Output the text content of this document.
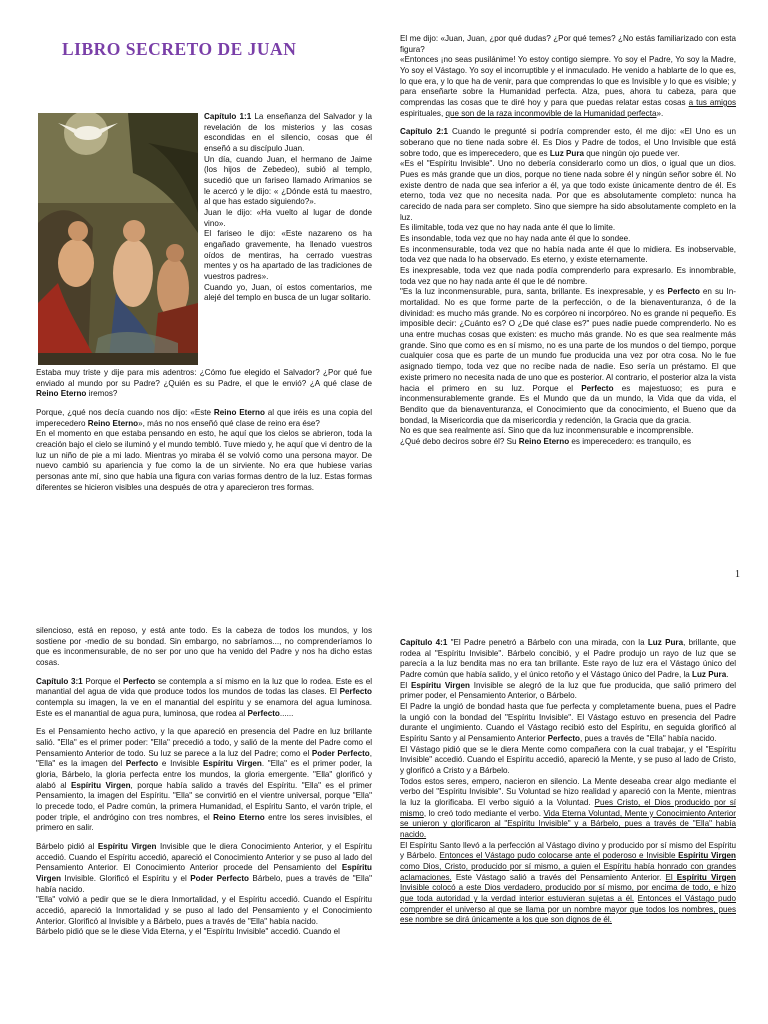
LIBRO SECRETO DE JUAN

Capítulo 1:1 La enseñanza del Salvador y la revelación de los misterios y las cosas escondidas en el silencio, cosas que él enseñó a su discípulo Juan.

Un día, cuando Juan, el hermano de Jaime (los hijos de Zebedeo), subió al templo, sucedió que un fariseo llamado Arimanios se le acercó y le dijo: « ¿Dónde está tu maestro, al que has estado siguiendo?».

Juan le dijo: «Ha vuelto al lugar de donde vino».

El fariseo le dijo: «Este nazareno os ha engañado gravemente, ha llenado vuestros oídos de mentiras, ha cerrado vuestras mentes y os ha apartado de las tradiciones de vuestros padres».

Cuando yo, Juan, oí estos comentarios, me alejé del templo en busca de un lugar solitario.

Estaba muy triste y dije para mis adentros: ¿Cómo fue elegido el Salvador? ¿Por qué fue enviado al mundo por su Padre? ¿Quién es su Padre, el que le envió? ¿A qué clase de Reino Eterno iremos?

Porque, ¿qué nos decía cuando nos dijo: «Este Reino Eterno al que iréis es una copia del imperecedero Reino Eterno», más no nos enseñó qué clase de reino era ése?

En el momento en que estaba pensando en esto, he aquí que los cielos se abrieron, toda la creación bajo el cielo se iluminó y el mundo tembló. Tuve miedo y, he aquí que vi dentro de la luz un niño de pie a mi lado. Mientras yo miraba él se volvió como una persona mayor. De nuevo cambió su apariencia y fue como la de un sirviente. No era que hubiese varias personas ante mí, sino que había una figura con varias formas dentro de la luz. Estas formas diferentes se hicieron visibles una después de otra y aparecieron tres formas.

El me dijo: «Juan, Juan, ¿por qué dudas? ¿Por qué temes? ¿No estás familiarizado con esta figura?

«Entonces ¡no seas pusilánime! Yo estoy contigo siempre. Yo soy el Padre, Yo soy la Madre, Yo soy el Vástago. Yo soy el incorruptible y el inmaculado. He venido a hablarte de lo que es, lo que era, y lo que ha de venir, para que comprendas lo que es Invisible y lo que es visible; y para enseñarte sobre la Humanidad perfecta. Alza, pues, ahora tu cabeza, para que comprendas las cosas que te diré hoy y para que puedas relatar estas cosas a tus amigos espirituales, que son de la raza inconmovible de la Humanidad perfecta».

Capítulo 2:1 Cuando le pregunté si podría comprender esto, él me dijo: «El Uno es un soberano que no tiene nada sobre él. Es Dios y Padre de todos, el Uno Invisible que está sobre todo, que es imperecedero, que es Luz Pura que ningún ojo puede ver.

«Es el "Espíritu Invisible". Uno no debería considerarlo como un dios, o igual que un dios. Pues es más grande que un dios, porque no tiene nada sobre él y ningún señor sobre él. No existe dentro de nada que sea inferior a él, ya que todo existe únicamente dentro de él. Es eterno, toda vez que no necesita nada. Por que es absolutamente completo: nunca ha carecido de nada para ser completo. Sino que siempre ha sido absolutamente completo en la luz.

Es ilimitable, toda vez que no hay nada ante él que lo limite.

Es insondable, toda vez que no hay nada ante él que lo sondee.

Es inconmensurable, toda vez que no había nada ante él que lo midiera. Es inobservable, toda vez que nada lo ha observado. Es eterno, y existe eternamente.

Es inexpresable, toda vez que nada podía comprenderlo para expresarlo. Es innombrable, toda vez que no hay nada ante él que le dé nombre.

"Es la luz inconmensurable, pura, santa, brillante. Es inexpresable, y es Perfecto en su In-mortalidad. No es que forme parte de la perfección, o de la bienaventuranza, ó de la divinidad: es mucho más grande. No es corpóreo ni incorpóreo. No es grande ni pequeño. Es imposible decir: ¿Cuánto es? O ¿De qué clase es?" pues nadie puede comprenderlo. No es una entre muchas cosas que existen: es mucho más grande. No es que sea realmente más grande. Sino que como es en sí mismo, no es una parte de los mundos o del tiempo, porque cualquier cosa que es parte de un mundo fue producida una vez por otra cosa. No le fue asignado tiempo, toda vez que no recibe nada de nadie. Eso sería un préstamo. El que existe primero no necesita nada de uno que es posterior. Al contrario, el posterior alza la vista hacia el primero en su luz. Porque el Perfecto es majestuoso; es pura e inconmensurablemente grande. Es el Mundo que da un mundo, la Vida que da vida, el Bendito que da bienaventuranza, el Conocimiento que da conocimiento, el Bueno que da bondad, la Misericordia que da misericordia y redención, la Gracia que da gracia.

No es que sea realmente así. Sino que da luz inconmensurable e incomprensible.

¿Qué debo deciros sobre él? Su Reino Eterno es imperecedero: es tranquilo, es

1

silencioso, está en reposo, y está ante todo. Es la cabeza de todos los mundos, y los sostiene por -medio de su bondad. Sin embargo, no sabríamos..., no comprenderíamos lo que es inconmensurable, de no ser por uno que ha venido del Padre y nos ha dicho estas cosas.

Capítulo 3:1 Porque el Perfecto se contempla a sí mismo en la luz que lo rodea. Este es el manantial del agua de vida que produce todos los mundos de todas las clases. El Perfecto contempla su imagen, la ve en el manantial del espíritu y se enamora del agua luminosa. Este es el manantial de agua pura, luminosa, que rodea al Perfecto......

Es el Pensamiento hecho activo, y la que apareció en presencia del Padre en luz brillante salió. "Ella" es el primer poder: "Ella" precedió a todo, y salió de la mente del Padre como el Pensamiento Anterior de todo. Su luz se parece a la luz del Padre; como el Poder Perfecto, "Ella" es la imagen del Perfecto e Invisible Espíritu Virgen. "Ella" es el primer poder, la gloria, Bárbelo, la gloria perfecta entre los mundos, la gloria emergente. "Ella" glorificó y alabó al Espíritu Virgen, porque había salido a través del Espíritu. "Ella" es el primer Pensamiento, la imagen del Espíritu. "Ella" se convirtió en el vientre universal, porque "Ella" lo precede todo, el Padre común, la primera Humanidad, el Espíritu Santo, el varón triple, el poder triple, el andrógino con tres nombres, el Reino Eterno entre los seres invisibles, el primero en salir.

Bárbelo pidió al Espíritu Virgen Invisible que le diera Conocimiento Anterior, y el Espíritu accedió. Cuando el Espíritu accedió, apareció el Conocimiento Anterior y se puso al lado del Pensamiento Anterior. El Conocimiento Anterior procede del Pensamiento del Espíritu Virgen Invisible. Glorificó el Espíritu y el Poder Perfecto Bárbelo, pues a través de "Ella" había nacido.

"Ella" volvió a pedir que se le diera Inmortalidad, y el Espíritu accedió. Cuando el Espíritu accedió, apareció la Inmortalidad y se puso al lado del Pensamiento y el Conocimiento Anterior. Glorificó al Invisible y a Bárbelo, pues a través de "Ella" había nacido.

Bárbelo pidió que se le diese Vida Eterna, y el "Espíritu Invisible" accedió. Cuando el

Capítulo 4:1 "El Padre penetró a Bárbelo con una mirada, con la Luz Pura, brillante, que rodea al "Espíritu Invisible". Bárbelo concibió, y el Padre produjo un rayo de luz que se parecía a la luz bendita mas no era tan brillante. Este rayo de luz era el Vástago único del Padre común que había salido, y el único retoño y el Vástago único del Padre, la Luz Pura.

El Espíritu Virgen Invisible se alegró de la luz que fue producida, que salió primero del primer poder, el Pensamiento Anterior, o Bárbelo.

El Padre la ungió de bondad hasta que fue perfecta y completamente buena, pues el Padre la ungió con la bondad del "Espíritu Invisible". El Vástago estuvo en presencia del Padre durante el ungimiento. Cuando el Vástago recibió esto del Espíritu, en seguida glorificó al Espíritu Santo y al Pensamiento Anterior Perfecto, pues a través de "Ella" había nacido.

El Vástago pidió que se le diera Mente como compañera con la cual trabajar, y el "Espíritu Invisible" accedió. Cuando el Espíritu accedió, apareció la Mente, y se puso al lado de Cristo, y glorificó a Cristo y a Bárbelo.

Todos estos seres, empero, nacieron en silencio. La Mente deseaba crear algo mediante el verbo del "Espíritu Invisible". Su Voluntad se hizo realidad y apareció con la Mente, mientras la luz la glorificaba. El verbo siguió a la Voluntad. Pues Cristo, el Dios producido por sí mismo, lo creó todo mediante el verbo. Vida Eterna Voluntad, Mente y Conocimiento Anterior se unieron y glorificaron al "Espíritu Invisible" y a Bárbelo, pues a través de "Ella" había nacido.

El Espíritu Santo llevó a la perfección al Vástago divino y producido por sí mismo del Espíritu y Bárbelo. Entonces el Vástago pudo colocarse ante el poderoso e Invisible Espíritu Virgen como Dios, Cristo, producido por sí mismo, a quien el Espíritu había honrado con grandes aclamaciones. Este Vástago salió a través del Pensamiento Anterior. El Espíritu Virgen Invisible colocó a este Dios verdadero, producido por sí mismo, por encima de todo, e hizo que toda autoridad y la verdad interior estuvieran sujetas a él. Entonces el Vástago pudo comprender el universo al que se llama por un nombre mayor que todos los nombres, pues ese nombre se dirá únicamente a los que son dignos de él.
